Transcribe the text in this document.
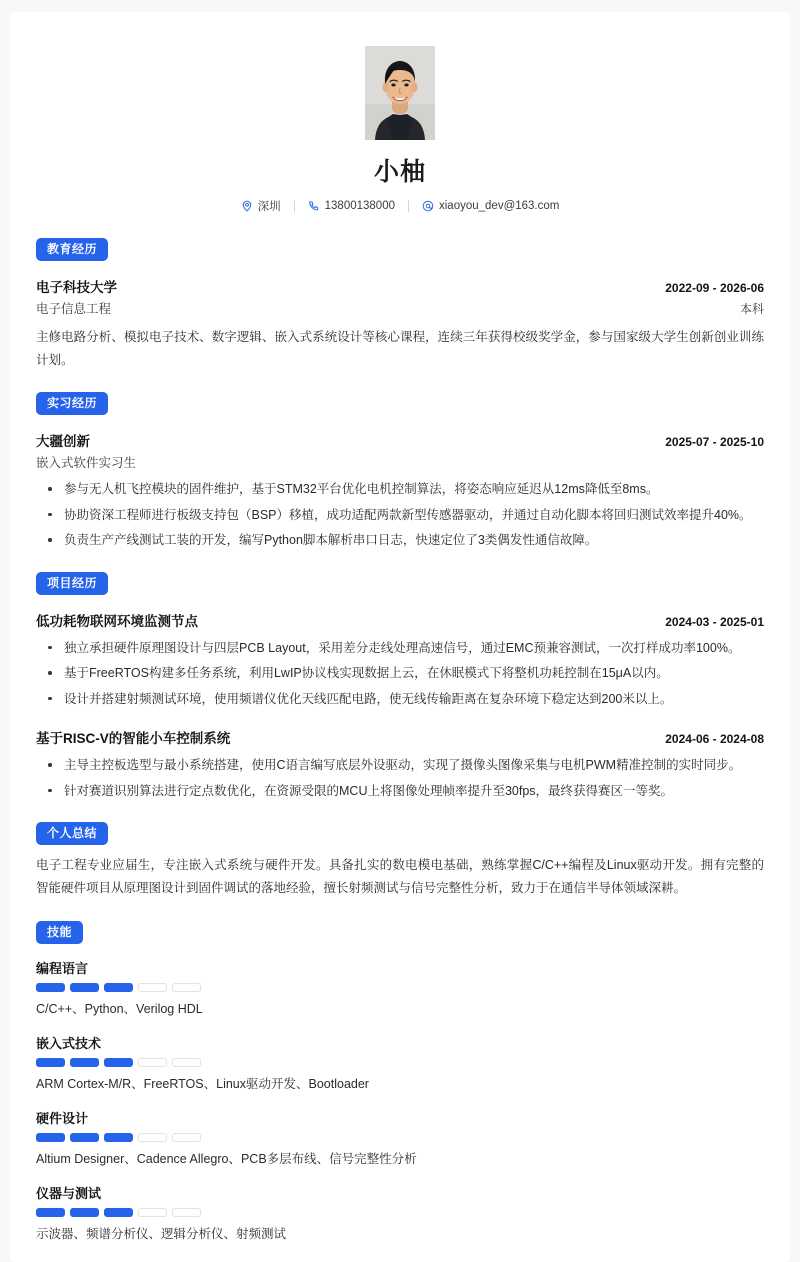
小柚
深圳	13800138000	xiaoyou_dev@163.com
教育经历
电子科技大学	2022-09 - 2026-06
电子信息工程	本科
主修电路分析、模拟电子技术、数字逻辑、嵌入式系统设计等核心课程，连续三年获得校级奖学金，参与国家级大学生创新创业训练计划。
实习经历
大疆创新	2025-07 - 2025-10
嵌入式软件实习生
参与无人机飞控模块的固件维护，基于STM32平台优化电机控制算法，将姿态响应延迟从12ms降低至8ms。
协助资深工程师进行板级支持包（BSP）移植，成功适配两款新型传感器驱动，并通过自动化脚本将回归测试效率提升40%。
负责生产产线测试工装的开发，编写Python脚本解析串口日志，快速定位了3类偶发性通信故障。
项目经历
低功耗物联网环境监测节点	2024-03 - 2025-01
独立承担硬件原理图设计与四层PCB Layout，采用差分走线处理高速信号，通过EMC预兼容测试，一次打样成功率100%。
基于FreeRTOS构建多任务系统，利用LwIP协议栈实现数据上云，在休眠模式下将整机功耗控制在15μA以内。
设计并搭建射频测试环境，使用频谱仪优化天线匹配电路，使无线传输距离在复杂环境下稳定达到200米以上。
基于RISC-V的智能小车控制系统	2024-06 - 2024-08
主导主控板选型与最小系统搭建，使用C语言编写底层外设驱动，实现了摄像头图像采集与电机PWM精准控制的实时同步。
针对赛道识别算法进行定点数优化，在资源受限的MCU上将图像处理帧率提升至30fps，最终获得赛区一等奖。
个人总结
电子工程专业应届生，专注嵌入式系统与硬件开发。具备扎实的数电模电基础，熟练掌握C/C++编程及Linux驱动开发。拥有完整的智能硬件项目从原理图设计到固件调试的落地经验，擅长射频测试与信号完整性分析，致力于在通信半导体领域深耕。
技能
编程语言
C/C++、Python、Verilog HDL
嵌入式技术
ARM Cortex-M/R、FreeRTOS、Linux驱动开发、Bootloader
硬件设计
Altium Designer、Cadence Allegro、PCB多层布线、信号完整性分析
仪器与测试
示波器、频谱分析仪、逻辑分析仪、射频测试
